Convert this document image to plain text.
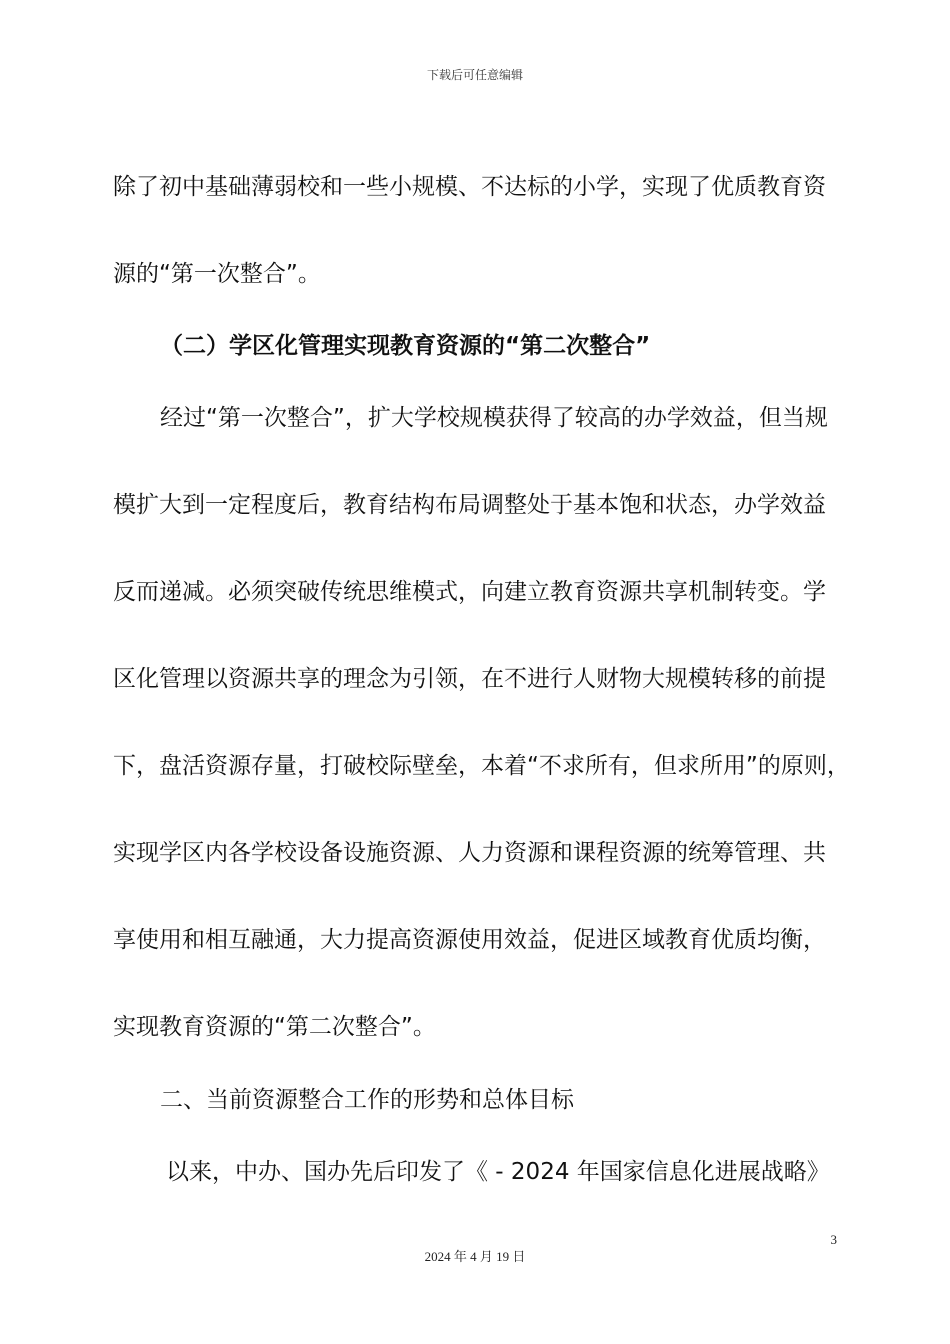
下载后可任意编辑
除了初中基础薄弱校和一些小规模、不达标的小学，实现了优质教育资
源的“第一次整合”。
（二）学区化管理实现教育资源的“第二次整合”
经过“第一次整合”，扩大学校规模获得了较高的办学效益，但当规
模扩大到一定程度后，教育结构布局调整处于基本饱和状态，办学效益
反而递减。必须突破传统思维模式，向建立教育资源共享机制转变。学
区化管理以资源共享的理念为引领，在不进行人财物大规模转移的前提
下，盘活资源存量，打破校际壁垒，本着“不求所有，但求所用”的原则，
实现学区内各学校设备设施资源、人力资源和课程资源的统筹管理、共
享使用和相互融通，大力提高资源使用效益，促进区域教育优质均衡，
实现教育资源的“第二次整合”。
二、当前资源整合工作的形势和总体目标
以来，中办、国办先后印发了《 - 2024 年国家信息化进展战略》
3
2024 年 4 月 19 日
